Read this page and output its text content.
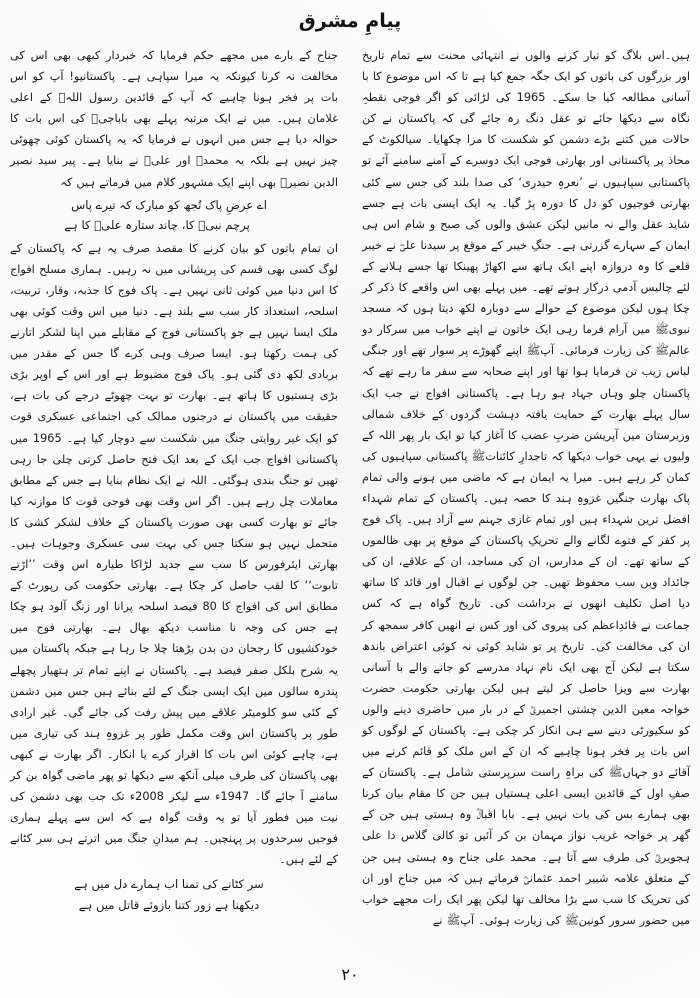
پیامِ مشرق

ہیں۔اس بلاگ کو تیار کرنے والوں نے انتہائی محنت سے تمام تاریخ اور بزرگوں کی باتوں کو ایک جگہ جمع کیا ہے تا کہ اس موضوع کا با آسانی مطالعہ کیا جا سکے۔ 1965 کی لڑائی کو اگر فوجی نقطہِ نگاہ سے دیکھا جائے تو عقل دنگ رہ جائے گی کہ پاکستان نے کن حالات میں کتنے بڑے دشمن کو شکست کا مزا چکھایا۔ سیالکوٹ کے محاذ پر پاکستانی اور بھارتی فوجی ایک دوسرے کے آمنے سامنے آئے تو پاکستانی سپاہیوں نے ’نعرہِ حیدری‘ کی صدا بلند کی جس سے کئی بھارتی فوجیوں کو دل کا دورہ پڑ گیا۔ یہ ایک ایسی بات ہے جسے شاید عقل والے نہ مانیں لیکن عشق والوں کی صبح و شام اس ہی ایمان کے سہارے گزرتی ہے۔ جنگِ خیبر کے موقع پر سیدنا علیؓ نے خیبر قلعے کا وہ دروازہ اپنے ایک ہاتھ سے اکھاڑ پھینکا تھا جسے ہلانے کے لئے چالیس آدمی درکار ہوتے تھے۔ میں پہلے بھی اس واقعے کا ذکر کر چکا ہوں لیکن موضوع کے حوالے سے دوبارہ لکھ دیتا ہوں کہ مسجد نبویﷺ میں آرام فرما رہی ایک خاتون نے اپنے خواب میں سرکار دو عالمﷺ کی زیارت فرمائی۔ آپﷺ اپنے گھوڑے پر سوار تھے اور جنگی لباس زیب تن فرمایا ہوا تھا اور اپنے صحابہ سے سفر ما رہے تھے کہ پاکستان چلو وہاں جہاد ہو رہا ہے۔ پاکستانی افواج نے جب ایک سال پہلے بھارت کے حمایت یافتہ دہشت گردوں کے خلاف شمالی وزیرستان میں آپریشن ضربِ عضب کا آغاز کیا تو ایک بار پھر اللہ کے ولیوں نے یہی خواب دیکھا کہ تاجدارِ کائناتﷺ پاکستانی سپاہیوں کی کمان کر رہے ہیں۔ میرا یہ ایمان ہے کہ ماضی میں ہونے والی تمام پاک بھارت جنگیں غزوہِ ہند کا حصہ ہیں۔ پاکستان کے تمام شہداء افضل ترین شہداء ہیں اور تمام غازی جہنم سے آزاد ہیں۔ پاک فوج پر کفر کے فتوے لگانے والے تحریکِ پاکستان کے موقع پر بھی ظالموں کے ساتھ تھے۔ ان کے مدارس، ان کی مساجد، ان کے علاقے، ان کی جائداد ویں سب محفوظ تھیں۔ جن لوگوں نے اقبال اور قائد کا ساتھ دیا اصل تکلیف انھوں نے برداشت کی۔ تاریخ گواہ ہے کہ کس جماعت نے قائدِاعظم کی پیروی کی اور کس نے انھیں کافر سمجھ کر ان کی مخالفت کی۔ تاریخ پر تو شاید کوئی نہ کوئی اعتراض باندھ سکتا ہے لیکن آج بھی ایک نام نہاد مدرسے کو جانے والے با آسانی بھارت سے ویزا حاصل کر لیتے ہیں لیکن بھارتی حکومت حضرت خواجہ معین الدین چشتی اجمیریؒ کے در بار میں حاضری دینے والوں کو سکیورٹی دینے سے ہی انکار کر چکی ہے۔ پاکستان کے لوگوں کو اس بات پر فخر ہونا چاہیے کہ ان کے اس ملک کو قائم کرنے میں آقائے دو جہاںﷺ کی براہِ راست سرپرستی شامل ہے۔ پاکستان کے صفِ اول کے قائدین ایسی اعلی ہستیاں ہیں جن کا مقام بیان کرنا بھی ہمارے بس کی بات نہیں ہے۔ بابا اقبالؒ وہ ہستی ہیں جن کے گھر پر خواجہ غریب نواز مہمان بن کر آئیں تو کالی گلاس دا علی ہجویریؒ کی طرف سے آتا ہے۔ محمد علی جناح وہ ہستی ہیں جن کے متعلق علامہ شبیر احمد عثمانیؒ فرماتے ہیں کہ میں جناح اور ان کی تحریک کا سب سے بڑا مخالف تھا لیکن پھر ایک رات مجھے خواب میں حضور سرور کونینﷺ کی زیارت ہوئی۔ آپﷺ نے

جناح کے بارے میں مجھے حکم فرمایا کہ خبردار کبھی بھی اس کی مخالفت نہ کرنا کیونکہ یہ میرا سپاہی ہے۔ پاکستانیو! آپ کو اس بات پر فخر ہونا چاہیے کہ آپ کے قائدین رسول اللہﷺ کے اعلی غلامان ہیں۔ میں نے ایک مرتبہ پہلے بھی باباجیؒ کی اس بات کا حوالہ دیا ہے جس میں انہوں نے فرمایا کہ یہ پاکستان کوئی چھوٹی چیز نہیں ہے بلکہ یہ محمدﷺ اور علیؓ نے بنایا ہے۔ پیر سید نصیر الدین نصیرؒ بھی اپنے ایک مشہور کلام میں فرماتے ہیں کہ

اے عرضِ پاک تُجھ کو مبارک کہ تیرے پاس
پرچم نبیﷺ کا، چاند ستارہ علیؓ کا ہے

ان تمام باتوں کو بیان کرنے کا مقصد صرف یہ ہے کہ پاکستان کے لوگ کسی بھی قسم کی پریشانی میں نہ رہیں۔ ہماری مسلح افواج کا اس دنیا میں کوئی ثانی نہیں ہے۔ پاک فوج کا جذبہ، وقار، تربیت، اسلحہ، استعداد کار سب سے بلند ہے۔ دنیا میں اس وقت کوئی بھی ملک ایسا نہیں ہے جو پاکستانی فوج کے مقابلے میں اپنا لشکر اتارنے کی ہمت رکھتا ہو۔ ایسا صرف وہی کرے گا جس کے مقدر میں بربادی لکھ دی گئی ہو۔ پاک فوج مضبوط ہے اور اس کے اوپر بڑی بڑی ہستیوں کا ہاتھ ہے۔ بھارت تو بہت چھوٹے درجے کی بات ہے، حقیقت میں پاکستان نے درجنوں ممالک کی اجتماعی عسکری قوت کو ایک غیر روایتی جنگ میں شکست سے دوچار کیا ہے۔ 1965 میں پاکستانی افواج جب ایک کے بعد ایک فتح حاصل کرتی چلی جا رہی تھیں تو جنگ بندی ہوگئی۔ اللہ نے ایک نظام بنایا ہے جس کے مطابق معاملات چل رہے ہیں۔ اگر اس وقت بھی فوجی قوت کا موازنہ کیا جائے تو بھارت کسی بھی صورت پاکستان کے خلاف لشکر کشی کا متحمل نہیں ہو سکتا جس کی بہت سی عسکری وجوہات ہیں۔ بھارتی ایئرفورس کا سب سے جدید لڑاکا طیارہ اس وقت ’’اڑتے تابوت‘‘ کا لقب حاصل کر چکا ہے۔ بھارتی حکومت کی رپورٹ کے مطابق اس کی افواج کا 80 فیصد اسلحہ پرانا اور زنگ آلود ہو چکا ہے جس کی وجہ نا مناسب دیکھ بھال ہے۔ بھارتی فوج میں خودکشیوں کا رجحان دن بدن بڑھتا چلا جا رہا ہے جبکہ پاکستان میں یہ شرح بلکل صفر فیصد ہے۔ پاکستان نے اپنے تمام تر ہتھیار پچھلے پندرہ سالوں میں ایک ایسی جنگ کے لئے بنائے ہیں جس میں دشمن کے کئی سو کلومیٹر علاقے میں پیش رفت کی جائے گی۔ غیر ارادی طور پر پاکستان اس وقت مکمل طور پر غزوہِ ہند کی تیاری میں ہے، چاہے کوئی اس بات کا اقرار کرے یا انکار۔ اگر بھارت نے کبھی بھی پاکستان کی طرف میلی آنکھ سے دیکھا تو پھر ماضی گواہ بن کر سامنے آ جائے گا۔ 1947ء سے لیکر 2008ء تک جب بھی دشمن کی نیت میں فطور آیا تو یہ وقت گواہ ہے کہ اس سے پہلے ہماری فوجیں سرحدوں پر پہنچیں۔ ہم میدانِ جنگ میں اترتے ہی سر کٹانے کے لئے ہیں۔

سر کٹانے کی تمنا اب ہمارے دل میں ہے
دیکھنا ہے زور کتنا بازوئے قاتل میں ہے
۲۰
